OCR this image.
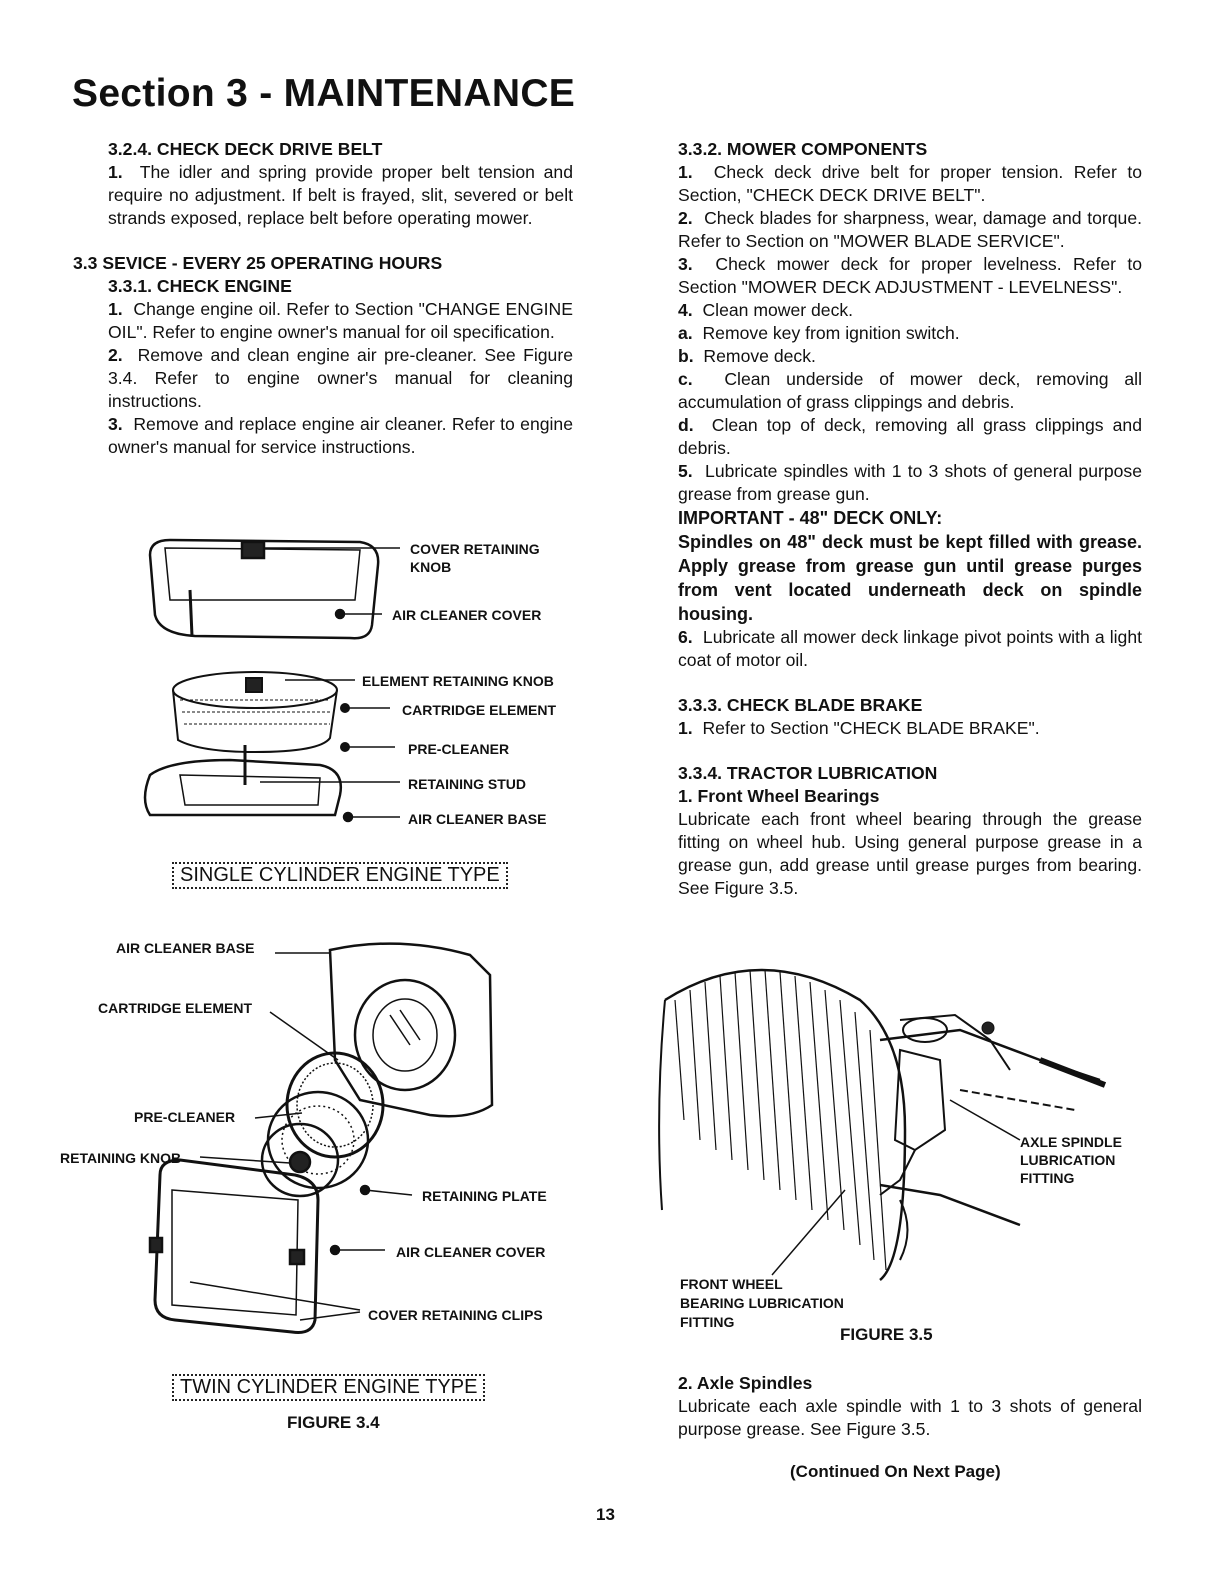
Section 3 - MAINTENANCE
3.2.4. CHECK DECK DRIVE BELT

1. The idler and spring provide proper belt tension and require no adjustment. If belt is frayed, slit, severed or belt strands exposed, replace belt before operating mower.

3.3 SEVICE - EVERY 25 OPERATING HOURS
3.3.1. CHECK ENGINE

1. Change engine oil. Refer to Section "CHANGE ENGINE OIL". Refer to engine owner's manual for oil specification.

2. Remove and clean engine air pre-cleaner. See Figure 3.4. Refer to engine owner's manual for cleaning instructions.

3. Remove and replace engine air cleaner. Refer to engine owner's manual for service instructions.

COVER RETAINING
KNOB
AIR CLEANER COVER
ELEMENT RETAINING KNOB
CARTRIDGE ELEMENT
PRE-CLEANER
RETAINING STUD
AIR CLEANER BASE
SINGLE CYLINDER ENGINE TYPE
AIR CLEANER BASE
CARTRIDGE ELEMENT
PRE-CLEANER
RETAINING KNOB
RETAINING PLATE
AIR CLEANER COVER
COVER RETAINING CLIPS
TWIN CYLINDER ENGINE TYPE
FIGURE 3.4
3.3.2. MOWER COMPONENTS

1. Check deck drive belt for proper tension. Refer to Section, "CHECK DECK DRIVE BELT".

2. Check blades for sharpness, wear, damage and torque. Refer to Section on "MOWER BLADE SERVICE".

3. Check mower deck for proper levelness. Refer to Section "MOWER DECK ADJUSTMENT - LEVELNESS".

4. Clean mower deck.

a. Remove key from ignition switch.

b. Remove deck.

c. Clean underside of mower deck, removing all accumulation of grass clippings and debris.

d. Clean top of deck, removing all grass clippings and debris.

5. Lubricate spindles with 1 to 3 shots of general purpose grease from grease gun.

IMPORTANT - 48" DECK ONLY:
Spindles on 48" deck must be kept filled with grease. Apply grease from grease gun until grease purges from vent located underneath deck on spindle housing.

6. Lubricate all mower deck linkage pivot points with a light coat of motor oil.

3.3.3. CHECK BLADE BRAKE

1. Refer to Section "CHECK BLADE BRAKE".

3.3.4. TRACTOR LUBRICATION
1. Front Wheel Bearings

Lubricate each front wheel bearing through the grease fitting on wheel hub. Using general purpose grease in a grease gun, add grease until grease purges from bearing. See Figure 3.5.

AXLE SPINDLE
LUBRICATION
FITTING
FRONT WHEEL
BEARING LUBRICATION
FITTING
FIGURE 3.5
2. Axle Spindles

Lubricate each axle spindle with 1 to 3 shots of general purpose grease. See Figure 3.5.

(Continued On Next Page)
13
